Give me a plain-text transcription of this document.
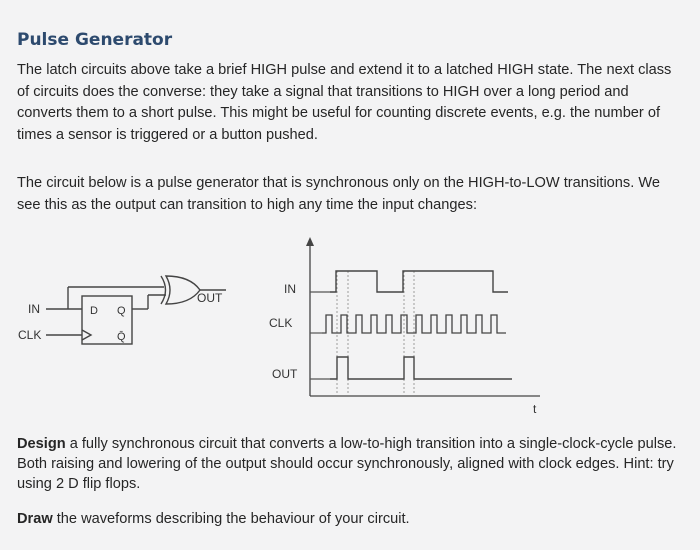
Pulse Generator
The latch circuits above take a brief HIGH pulse and extend it to a latched HIGH state. The next class of circuits does the converse: they take a signal that transitions to HIGH over a long period and converts them to a short pulse. This might be useful for counting discrete events, e.g. the number of times a sensor is triggered or a button pushed.
The circuit below is a pulse generator that is synchronous only on the HIGH-to-LOW transitions. We see this as the output can transition to high any time the input changes:
IN
CLK
D Q
Q̄
OUT
IN
CLK
OUT
t
Design a fully synchronous circuit that converts a low-to-high transition into a single-clock-cycle pulse. Both raising and lowering of the output should occur synchronously, aligned with clock edges. Hint: try using 2 D flip flops.
Draw the waveforms describing the behaviour of your circuit.
